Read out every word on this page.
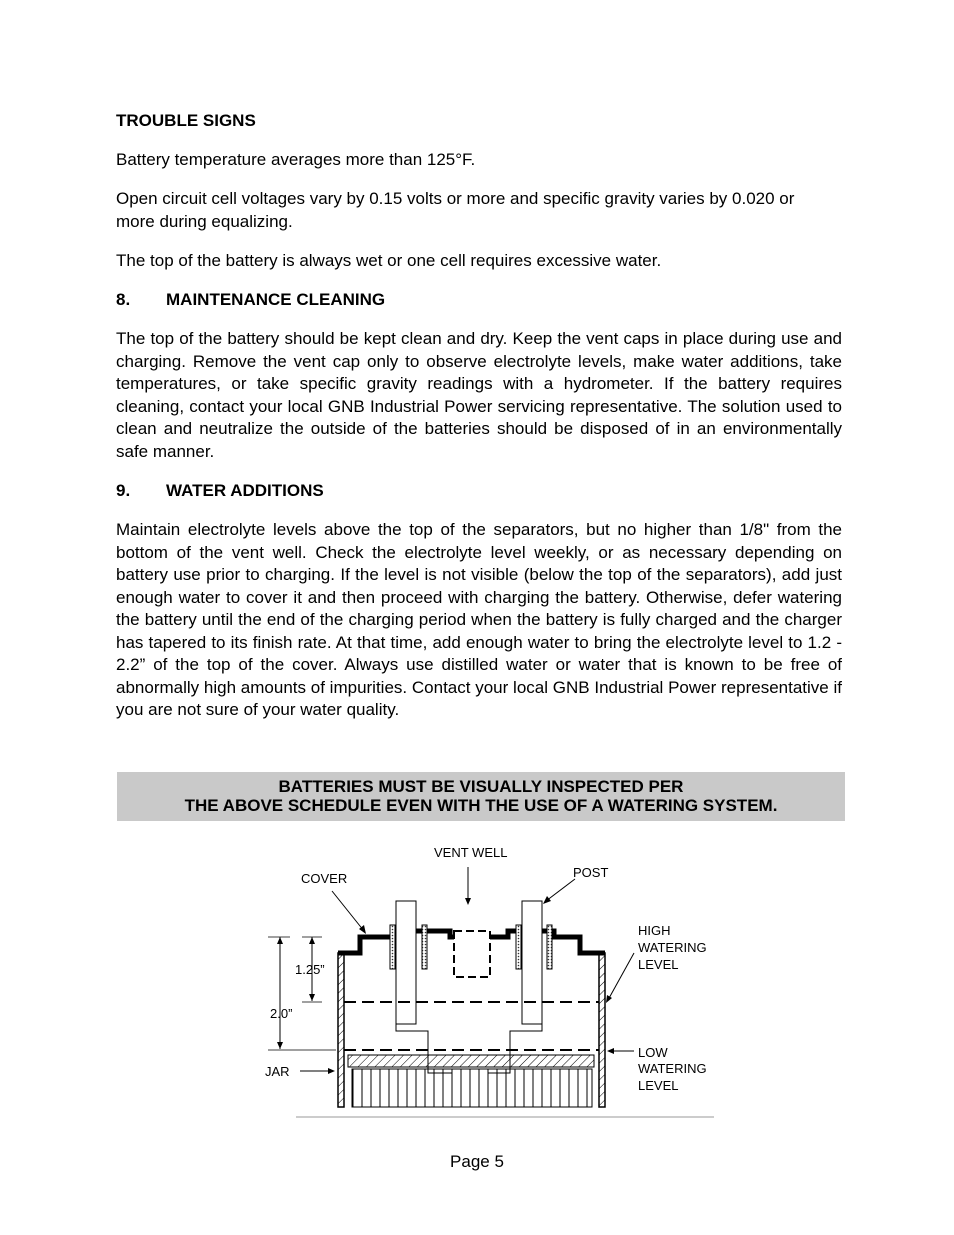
TROUBLE SIGNS
Battery temperature averages more than 125°F.
Open circuit cell voltages vary by 0.15 volts or more and specific gravity varies by 0.020 or more during equalizing.
The top of the battery is always wet or one cell requires excessive water.
8. MAINTENANCE CLEANING
The top of the battery should be kept clean and dry. Keep the vent caps in place during use and charging. Remove the vent cap only to observe electrolyte levels, make water additions, take temperatures, or take specific gravity readings with a hydrometer. If the battery requires cleaning, contact your local GNB Industrial Power servicing representative. The solution used to clean and neutralize the outside of the batteries should be disposed of in an environmentally safe manner.
9. WATER ADDITIONS
Maintain electrolyte levels above the top of the separators, but no higher than 1/8" from the bottom of the vent well. Check the electrolyte level weekly, or as necessary depending on battery use prior to charging. If the level is not visible (below the top of the separators), add just enough water to cover it and then proceed with charging the battery. Otherwise, defer watering the battery until the end of the charging period when the battery is fully charged and the charger has tapered to its finish rate. At that time, add enough water to bring the electrolyte level to 1.2 - 2.2” of the top of the cover. Always use distilled water or water that is known to be free of abnormally high amounts of impurities. Contact your local GNB Industrial Power representative if you are not sure of your water quality.
BATTERIES MUST BE VISUALLY INSPECTED PER
THE ABOVE SCHEDULE EVEN WITH THE USE OF A WATERING SYSTEM.
VENT WELL
COVER	POST
HIGH
WATERING
LEVEL
LOW
WATERING
LEVEL
1.25”
2.0”
JAR
Page 5
